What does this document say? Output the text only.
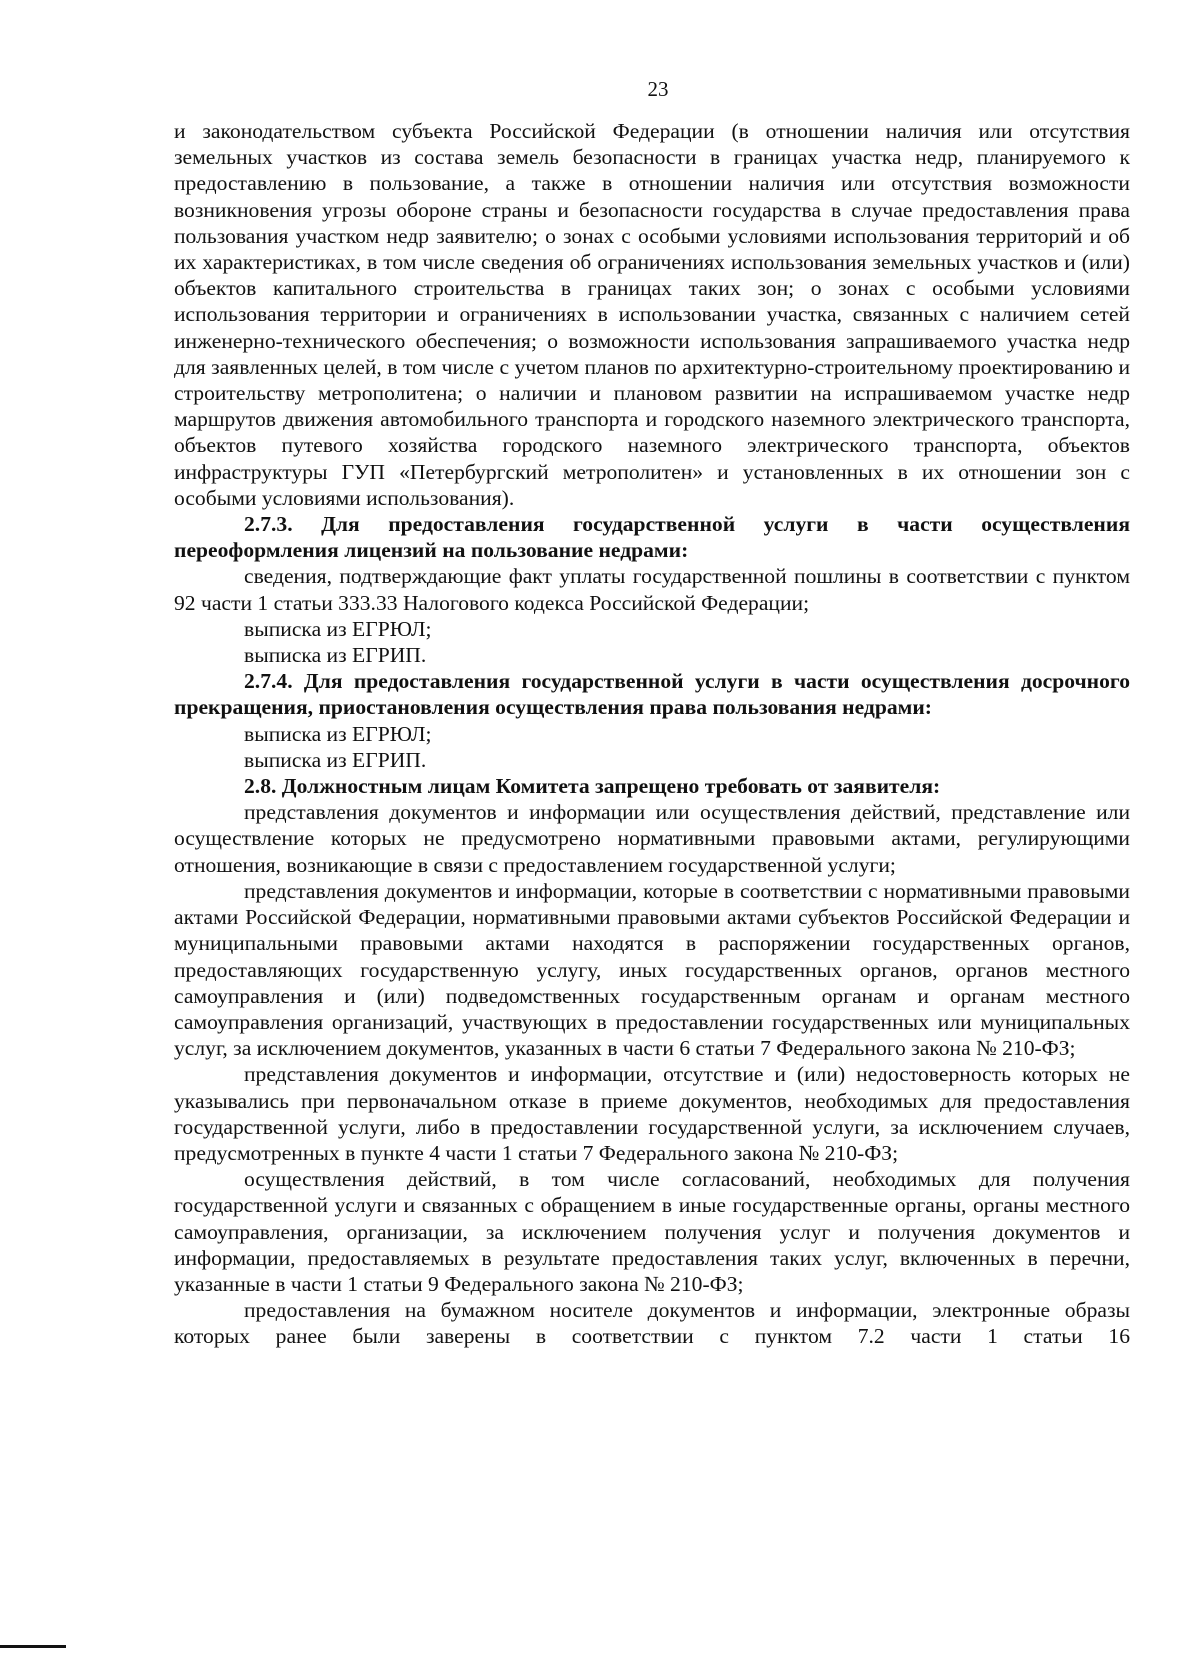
23

и законодательством субъекта Российской Федерации (в отношении наличия или отсутствия земельных участков из состава земель безопасности в границах участка недр, планируемого к предоставлению в пользование, а также в отношении наличия или отсутствия возможности возникновения угрозы обороне страны и безопасности государства в случае предоставления права пользования участком недр заявителю; о зонах с особыми условиями использования территорий и об их характеристиках, в том числе сведения об ограничениях использования земельных участков и (или) объектов капитального строительства в границах таких зон; о зонах с особыми условиями использования территории и ограничениях в использовании участка, связанных с наличием сетей инженерно-технического обеспечения; о возможности использования запрашиваемого участка недр для заявленных целей, в том числе с учетом планов по архитектурно-строительному проектированию и строительству метрополитена; о наличии и плановом развитии на испрашиваемом участке недр маршрутов движения автомобильного транспорта и городского наземного электрического транспорта, объектов путевого хозяйства городского наземного электрического транспорта, объектов инфраструктуры ГУП «Петербургский метрополитен» и установленных в их отношении зон с особыми условиями использования).

2.7.3. Для предоставления государственной услуги в части осуществления переоформления лицензий на пользование недрами:

сведения, подтверждающие факт уплаты государственной пошлины в соответствии с пунктом 92 части 1 статьи 333.33 Налогового кодекса Российской Федерации;

выписка из ЕГРЮЛ;

выписка из ЕГРИП.

2.7.4. Для предоставления государственной услуги в части осуществления досрочного прекращения, приостановления осуществления права пользования недрами:

выписка из ЕГРЮЛ;

выписка из ЕГРИП.

2.8. Должностным лицам Комитета запрещено требовать от заявителя:

представления документов и информации или осуществления действий, представление или осуществление которых не предусмотрено нормативными правовыми актами, регулирующими отношения, возникающие в связи с предоставлением государственной услуги;

представления документов и информации, которые в соответствии с нормативными правовыми актами Российской Федерации, нормативными правовыми актами субъектов Российской Федерации и муниципальными правовыми актами находятся в распоряжении государственных органов, предоставляющих государственную услугу, иных государственных органов, органов местного самоуправления и (или) подведомственных государственным органам и органам местного самоуправления организаций, участвующих в предоставлении государственных или муниципальных услуг, за исключением документов, указанных в части 6 статьи 7 Федерального закона № 210-ФЗ;

представления документов и информации, отсутствие и (или) недостоверность которых не указывались при первоначальном отказе в приеме документов, необходимых для предоставления государственной услуги, либо в предоставлении государственной услуги, за исключением случаев, предусмотренных в пункте 4 части 1 статьи 7 Федерального закона № 210-ФЗ;

осуществления действий, в том числе согласований, необходимых для получения государственной услуги и связанных с обращением в иные государственные органы, органы местного самоуправления, организации, за исключением получения услуг и получения документов и информации, предоставляемых в результате предоставления таких услуг, включенных в перечни, указанные в части 1 статьи 9 Федерального закона № 210-ФЗ;

предоставления на бумажном носителе документов и информации, электронные образы которых ранее были заверены в соответствии с пунктом 7.2 части 1 статьи 16
